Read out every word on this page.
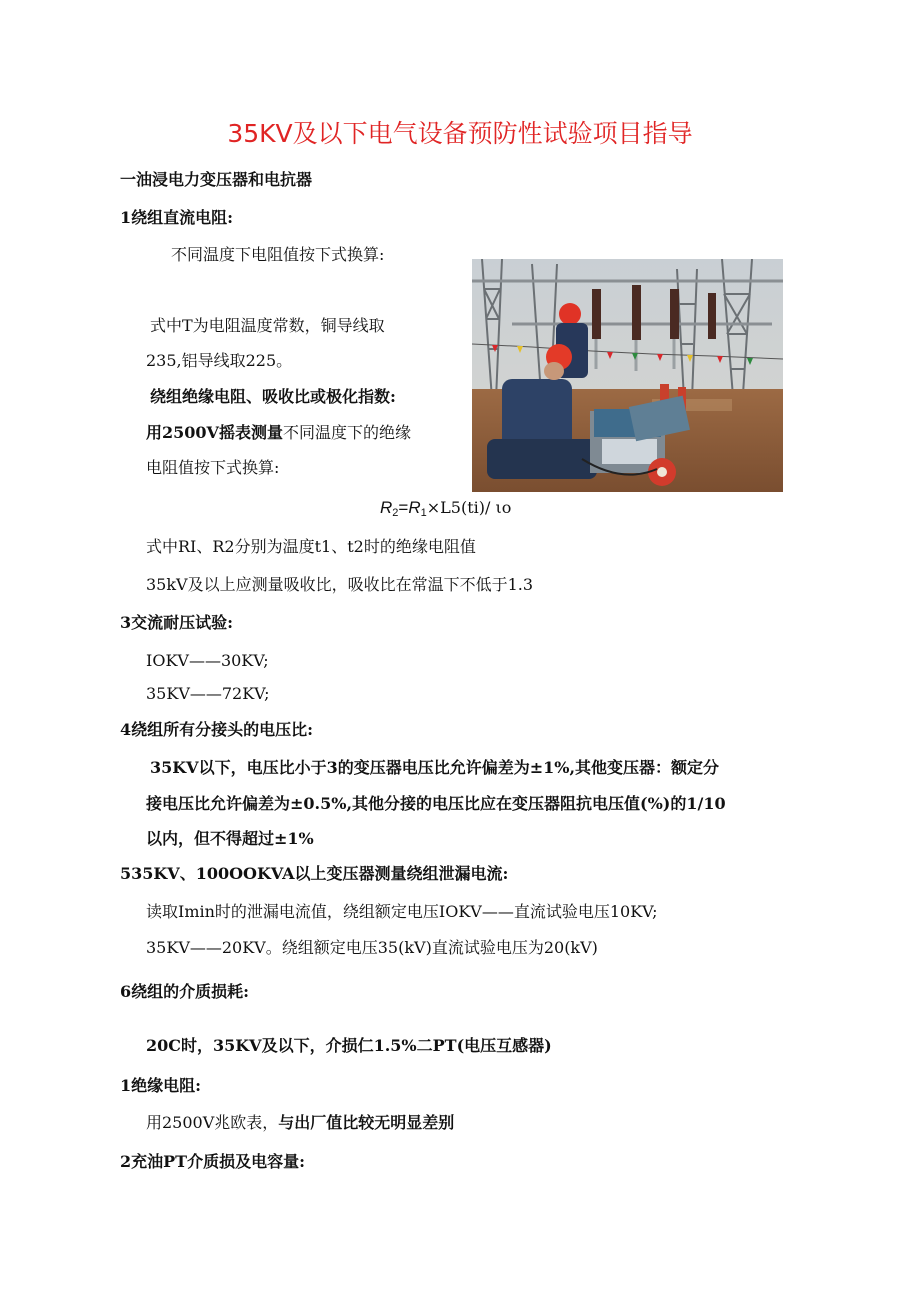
35KV及以下电气设备预防性试验项目指导
一油浸电力变压器和电抗器
1绕组直流电阻:
不同温度下电阻值按下式换算:
式中T为电阻温度常数，铜导线取
235,铝导线取225。
绕组绝缘电阻、吸收比或极化指数:
用2500V摇表测量不同温度下的绝缘
电阻值按下式换算:
$R_2=R_1\times L5(ti)/$ ιo
式中RI、R2分别为温度t1、t2时的绝缘电阻值
35kV及以上应测量吸收比，吸收比在常温下不低于1.3
3交流耐压试验:
IOKV——30KV;
35KV——72KV;
4绕组所有分接头的电压比:
35KV以下，电压比小于3的变压器电压比允许偏差为±1%,其他变压器：额定分
接电压比允许偏差为±0.5%,其他分接的电压比应在变压器阻抗电压值(%)的1/10
以内，但不得超过±1%
535KV、100OOKVA以上变压器测量绕组泄漏电流:
读取Imin时的泄漏电流值，绕组额定电压IOKV——直流试验电压10KV;
35KV——20KV。绕组额定电压35(kV)直流试验电压为20(kV)
6绕组的介质损耗:
20C时，35KV及以下，介损仁1.5%二PT(电压互感器)
1绝缘电阻:
用2500V兆欧表，与出厂值比较无明显差别
2充油PT介质损及电容量:
